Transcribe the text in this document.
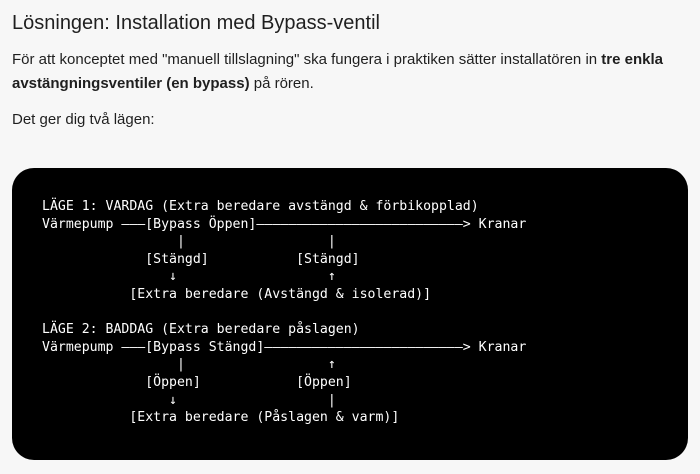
Lösningen: Installation med Bypass-ventil

För att konceptet med "manuell tillslagning" ska fungera i praktiken sätter installatören in tre enkla avstängningsventiler (en bypass) på rören.

Det ger dig två lägen:

LÄGE 1: VARDAG (Extra beredare avstängd & förbikopplad)
Värmepump ———[Bypass Öppen]——————————————————————————> Kranar
|                  |
[Stängd]           [Stängd]
↓                   ↑
[Extra beredare (Avstängd & isolerad)]

LÄGE 2: BADDAG (Extra beredare påslagen)
Värmepump ———[Bypass Stängd]—————————————————————————> Kranar
|                  ↑
[Öppen]            [Öppen]
↓                   |
[Extra beredare (Påslagen & varm)]
